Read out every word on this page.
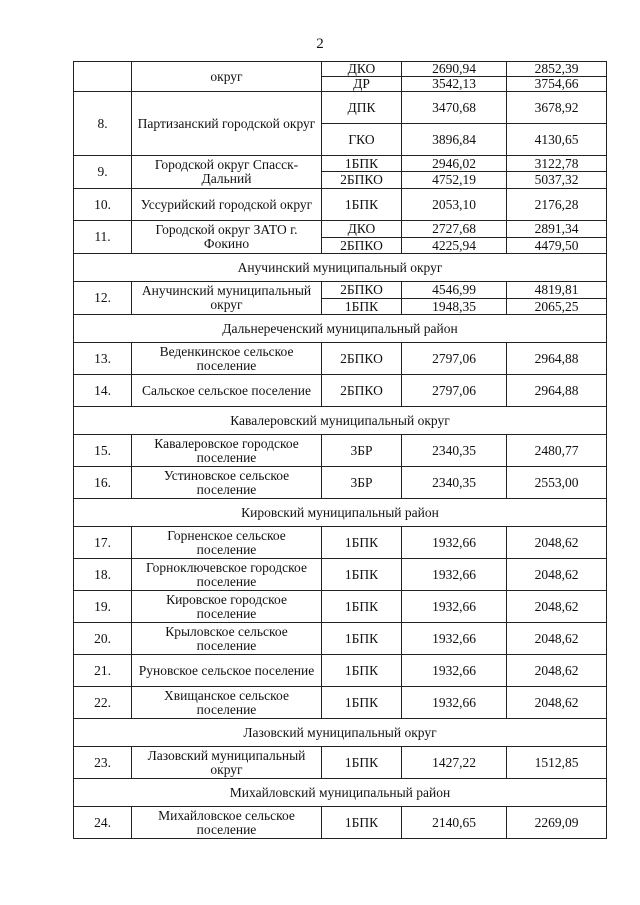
2
	округ	ДКО	2690,94	2852,39
		ДР	3542,13	3754,66
8.	Партизанский городской округ	ДПК	3470,68	3678,92
		ГКО	3896,84	4130,65
9.	Городской округ Спасск-Дальний	1БПК	2946,02	3122,78
		2БПКО	4752,19	5037,32
10.	Уссурийский городской округ	1БПК	2053,10	2176,28
11.	Городской округ ЗАТО г. Фокино	ДКО	2727,68	2891,34
		2БПКО	4225,94	4479,50
Анучинский муниципальный округ				
12.	Анучинский муниципальный округ	2БПКО	4546,99	4819,81
		1БПК	1948,35	2065,25
Дальнереченский муниципальный район				
13.	Веденкинское сельское поселение	2БПКО	2797,06	2964,88
14.	Сальское сельское поселение	2БПКО	2797,06	2964,88
Кавалеровский муниципальный округ				
15.	Кавалеровское городское поселение	3БР	2340,35	2480,77
16.	Устиновское сельское поселение	3БР	2340,35	2553,00
Кировский муниципальный район				
17.	Горненское сельское поселение	1БПК	1932,66	2048,62
18.	Горноключевское городское поселение	1БПК	1932,66	2048,62
19.	Кировское городское поселение	1БПК	1932,66	2048,62
20.	Крыловское сельское поселение	1БПК	1932,66	2048,62
21.	Руновское сельское поселение	1БПК	1932,66	2048,62
22.	Хвищанское сельское поселение	1БПК	1932,66	2048,62
Лазовский муниципальный округ				
23.	Лазовский муниципальный округ	1БПК	1427,22	1512,85
Михайловский муниципальный район				
24.	Михайловское сельское поселение	1БПК	2140,65	2269,09
